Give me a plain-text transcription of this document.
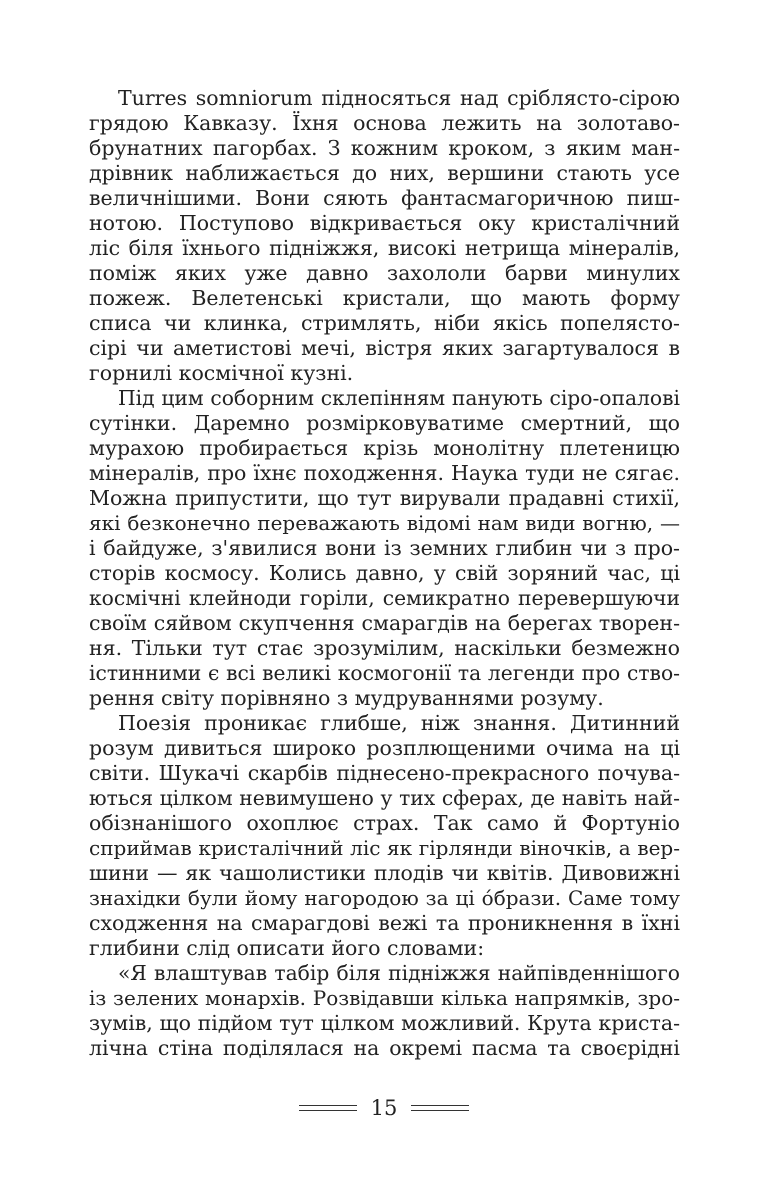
Turres somniorum підносяться над сріблясто-сірою
грядою Кавказу. Їхня основа лежить на золотаво-
брунатних пагорбах. З кожним кроком, з яким ман-
дрівник наближається до них, вершини стають усе
величнішими. Вони сяють фантасмагоричною пиш-
нотою. Поступово відкривається оку кристалічний
ліс біля їхнього підніжжя, високі нетрища мінералів,
поміж яких уже давно захололи барви минулих
пожеж. Велетенські кристали, що мають форму
списа чи клинка, стримлять, ніби якісь попелясто-
сірі чи аметистові мечі, вістря яких загартувалося в
горнилі космічної кузні.
Під цим соборним склепінням панують сіро-опалові
сутінки. Даремно розмірковуватиме смертний, що
мурахою пробирається крізь монолітну плетеницю
мінералів, про їхнє походження. Наука туди не сягає.
Можна припустити, що тут вирували прадавні стихії,
які безконечно переважають відомі нам види вогню, —
і байдуже, з'явилися вони із земних глибин чи з про-
сторів космосу. Колись давно, у свій зоряний час, ці
космічні клейноди горіли, семикратно перевершуючи
своїм сяйвом скупчення смарагдів на берегах творен-
ня. Тільки тут стає зрозумілим, наскільки безмежно
істинними є всі великі космогонії та легенди про ство-
рення світу порівняно з мудруваннями розуму.
Поезія проникає глибше, ніж знання. Дитинний
розум дивиться широко розплющеними очима на ці
світи. Шукачі скарбів піднесено-прекрасного почува-
ються цілком невимушено у тих сферах, де навіть най-
обізнанішого охоплює страх. Так само й Фортуніо
сприймав кристалічний ліс як гірлянди віночків, а вер-
шини — як чашолистики плодів чи квітів. Дивовижні
знахідки були йому нагородою за ці о́брази. Саме тому
сходження на смарагдові вежі та проникнення в їхні
глибини слід описати його словами:
«Я влаштував табір біля підніжжя найпівденнішого
із зелених монархів. Розвідавши кілька напрямків, зро-
зумів, що підйом тут цілком можливий. Крута кристa-
лічна стіна поділялася на окремі пасма та своєрідні
15
